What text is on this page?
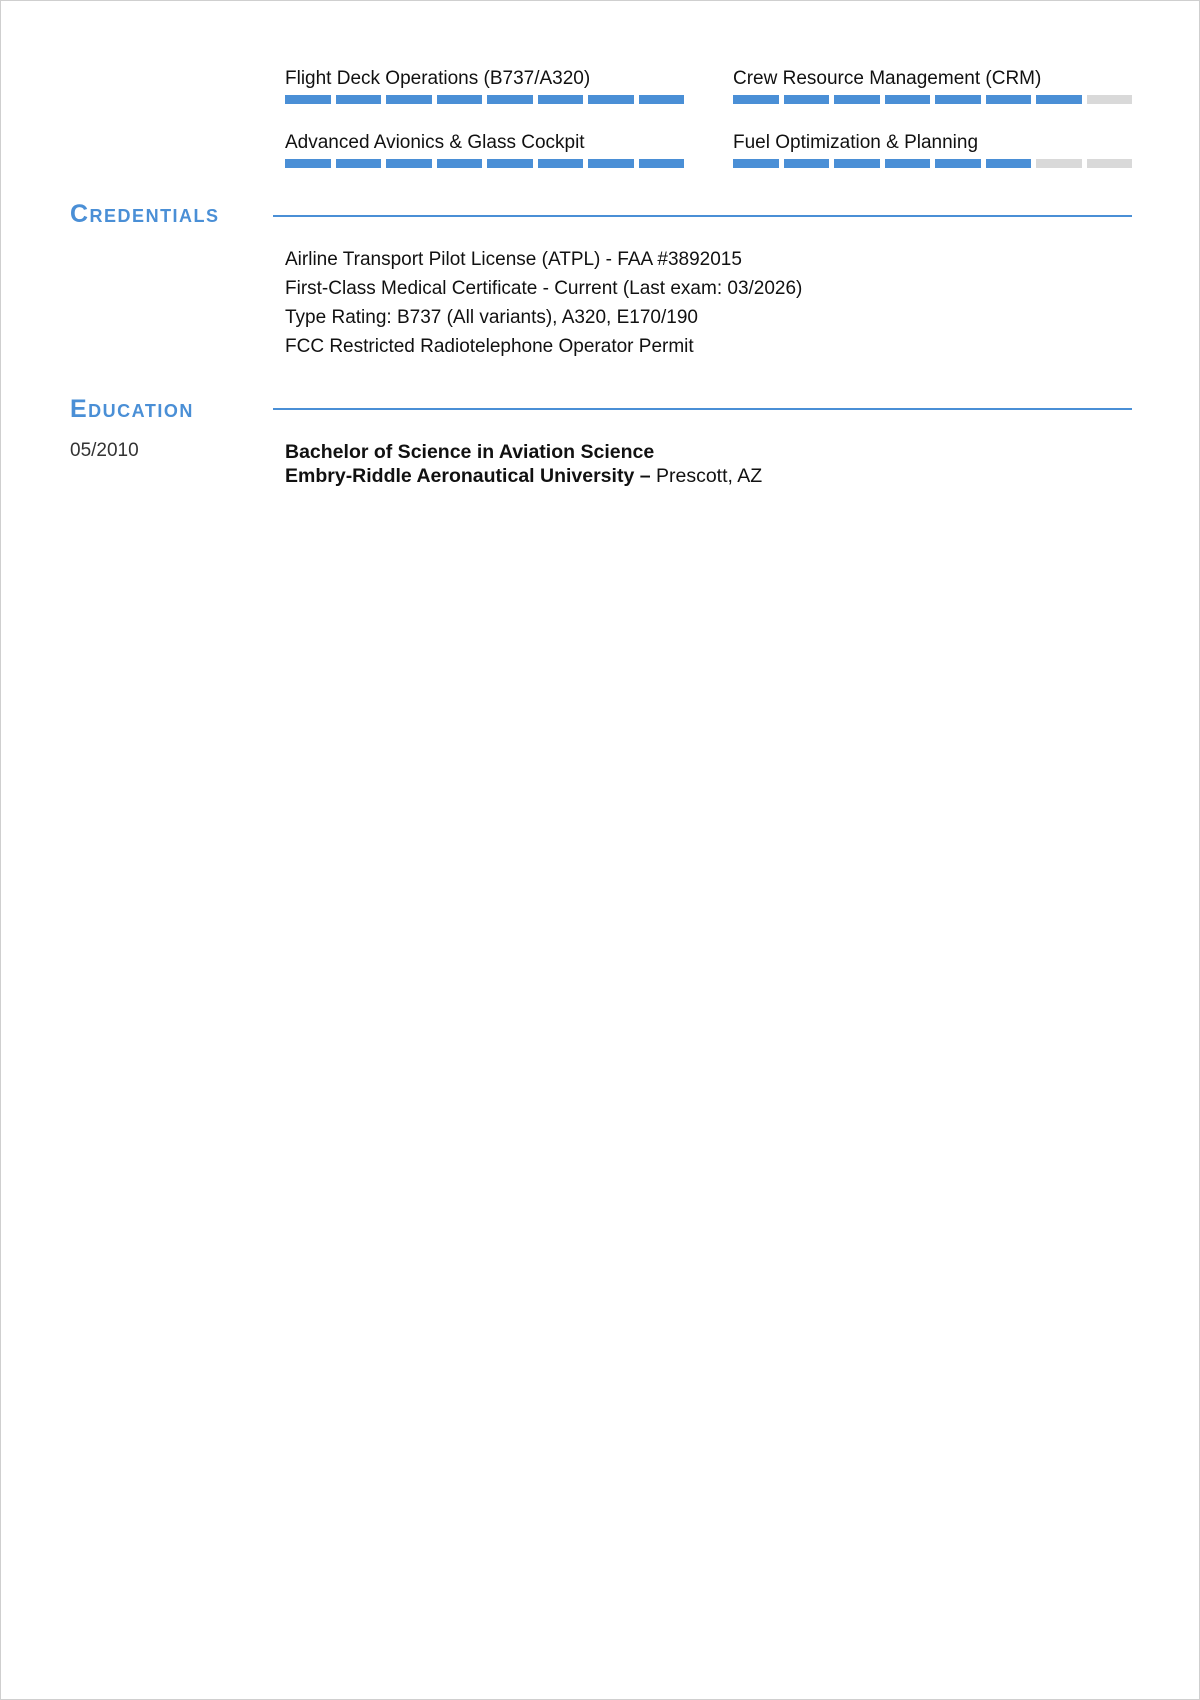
Flight Deck Operations (B737/A320)	Crew Resource Management (CRM)
Advanced Avionics & Glass Cockpit	Fuel Optimization & Planning
Credentials
Airline Transport Pilot License (ATPL) - FAA #3892015
First-Class Medical Certificate - Current (Last exam: 03/2026)
Type Rating: B737 (All variants), A320, E170/190
FCC Restricted Radiotelephone Operator Permit
Education
05/2010	Bachelor of Science in Aviation Science
Embry-Riddle Aeronautical University – Prescott, AZ
